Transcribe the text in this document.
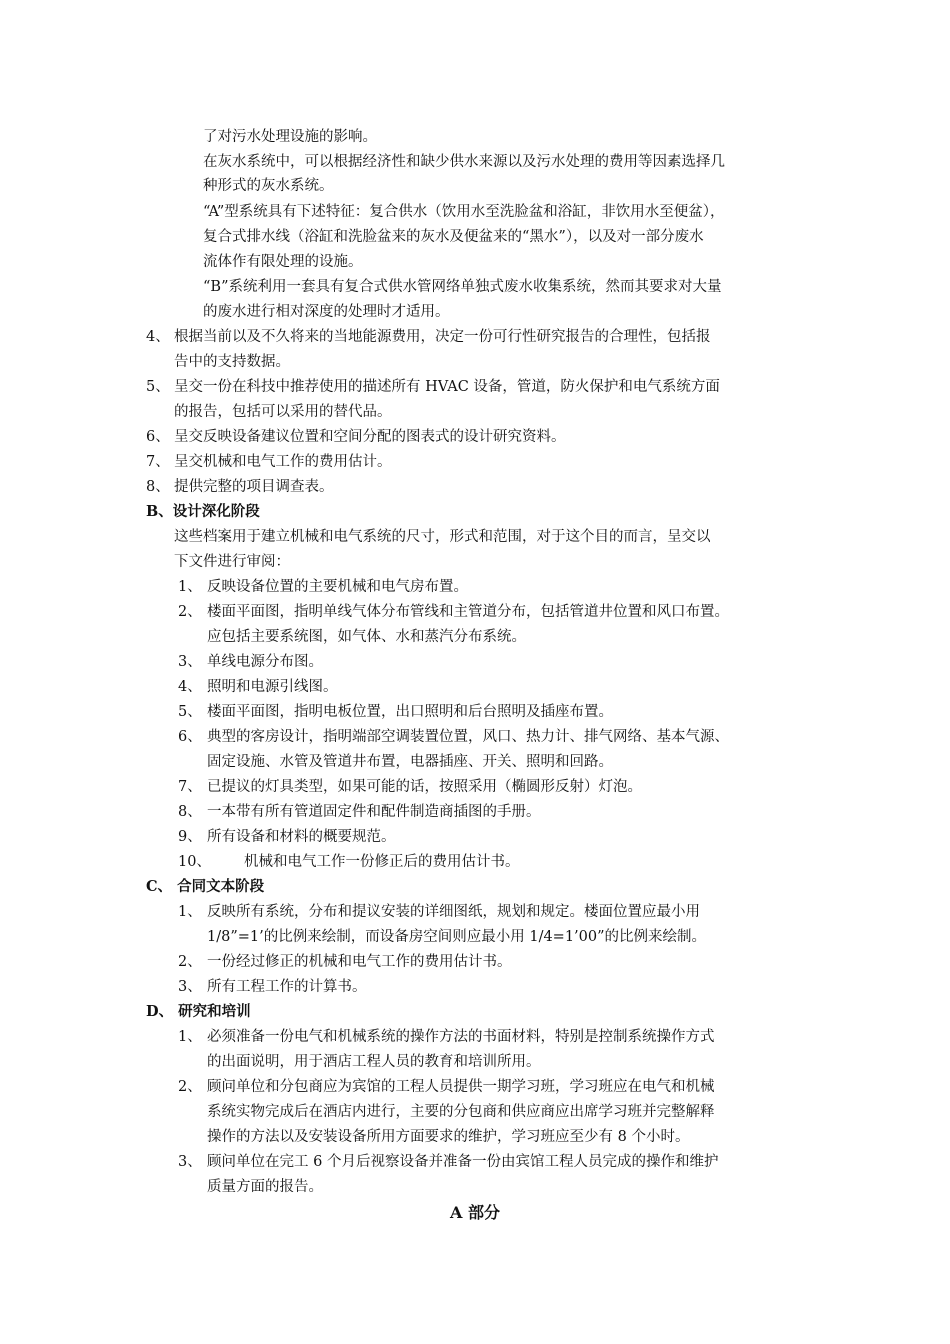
了对污水处理设施的影响。
在灰水系统中，可以根据经济性和缺少供水来源以及污水处理的费用等因素选择几
种形式的灰水系统。
“A”型系统具有下述特征：复合供水（饮用水至洗脸盆和浴缸，非饮用水至便盆），
复合式排水线（浴缸和洗脸盆来的灰水及便盆来的“黑水”），以及对一部分废水
流体作有限处理的设施。
“B”系统利用一套具有复合式供水管网络单独式废水收集系统，然而其要求对大量
的废水进行相对深度的处理时才适用。
4、 根据当前以及不久将来的当地能源费用，决定一份可行性研究报告的合理性，包括报
告中的支持数据。
5、 呈交一份在科技中推荐使用的描述所有 HVAC 设备，管道，防火保护和电气系统方面
的报告，包括可以采用的替代品。
6、 呈交反映设备建议位置和空间分配的图表式的设计研究资料。
7、 呈交机械和电气工作的费用估计。
8、 提供完整的项目调查表。
B、设计深化阶段
这些档案用于建立机械和电气系统的尺寸，形式和范围，对于这个目的而言，呈交以
下文件进行审阅：
1、 反映设备位置的主要机械和电气房布置。
2、 楼面平面图，指明单线气体分布管线和主管道分布，包括管道井位置和风口布置。
应包括主要系统图，如气体、水和蒸汽分布系统。
3、 单线电源分布图。
4、 照明和电源引线图。
5、 楼面平面图，指明电板位置，出口照明和后台照明及插座布置。
6、 典型的客房设计，指明端部空调装置位置，风口、热力计、排气网络、基本气源、
固定设施、水管及管道井布置，电器插座、开关、照明和回路。
7、 已提议的灯具类型，如果可能的话，按照采用（椭圆形反射）灯泡。
8、 一本带有所有管道固定件和配件制造商插图的手册。
9、 所有设备和材料的概要规范。
10、 机械和电气工作一份修正后的费用估计书。
C、 合同文本阶段
1、 反映所有系统，分布和提议安装的详细图纸，规划和规定。楼面位置应最小用
1/8”=1’的比例来绘制，而设备房空间则应最小用 1/4=1’00”的比例来绘制。
2、 一份经过修正的机械和电气工作的费用估计书。
3、 所有工程工作的计算书。
D、 研究和培训
1、 必须准备一份电气和机械系统的操作方法的书面材料，特别是控制系统操作方式
的出面说明，用于酒店工程人员的教育和培训所用。
2、 顾问单位和分包商应为宾馆的工程人员提供一期学习班，学习班应在电气和机械
系统实物完成后在酒店内进行，主要的分包商和供应商应出席学习班并完整解释
操作的方法以及安装设备所用方面要求的维护，学习班应至少有 8 个小时。
3、 顾问单位在完工 6 个月后视察设备并准备一份由宾馆工程人员完成的操作和维护
质量方面的报告。
A 部分
